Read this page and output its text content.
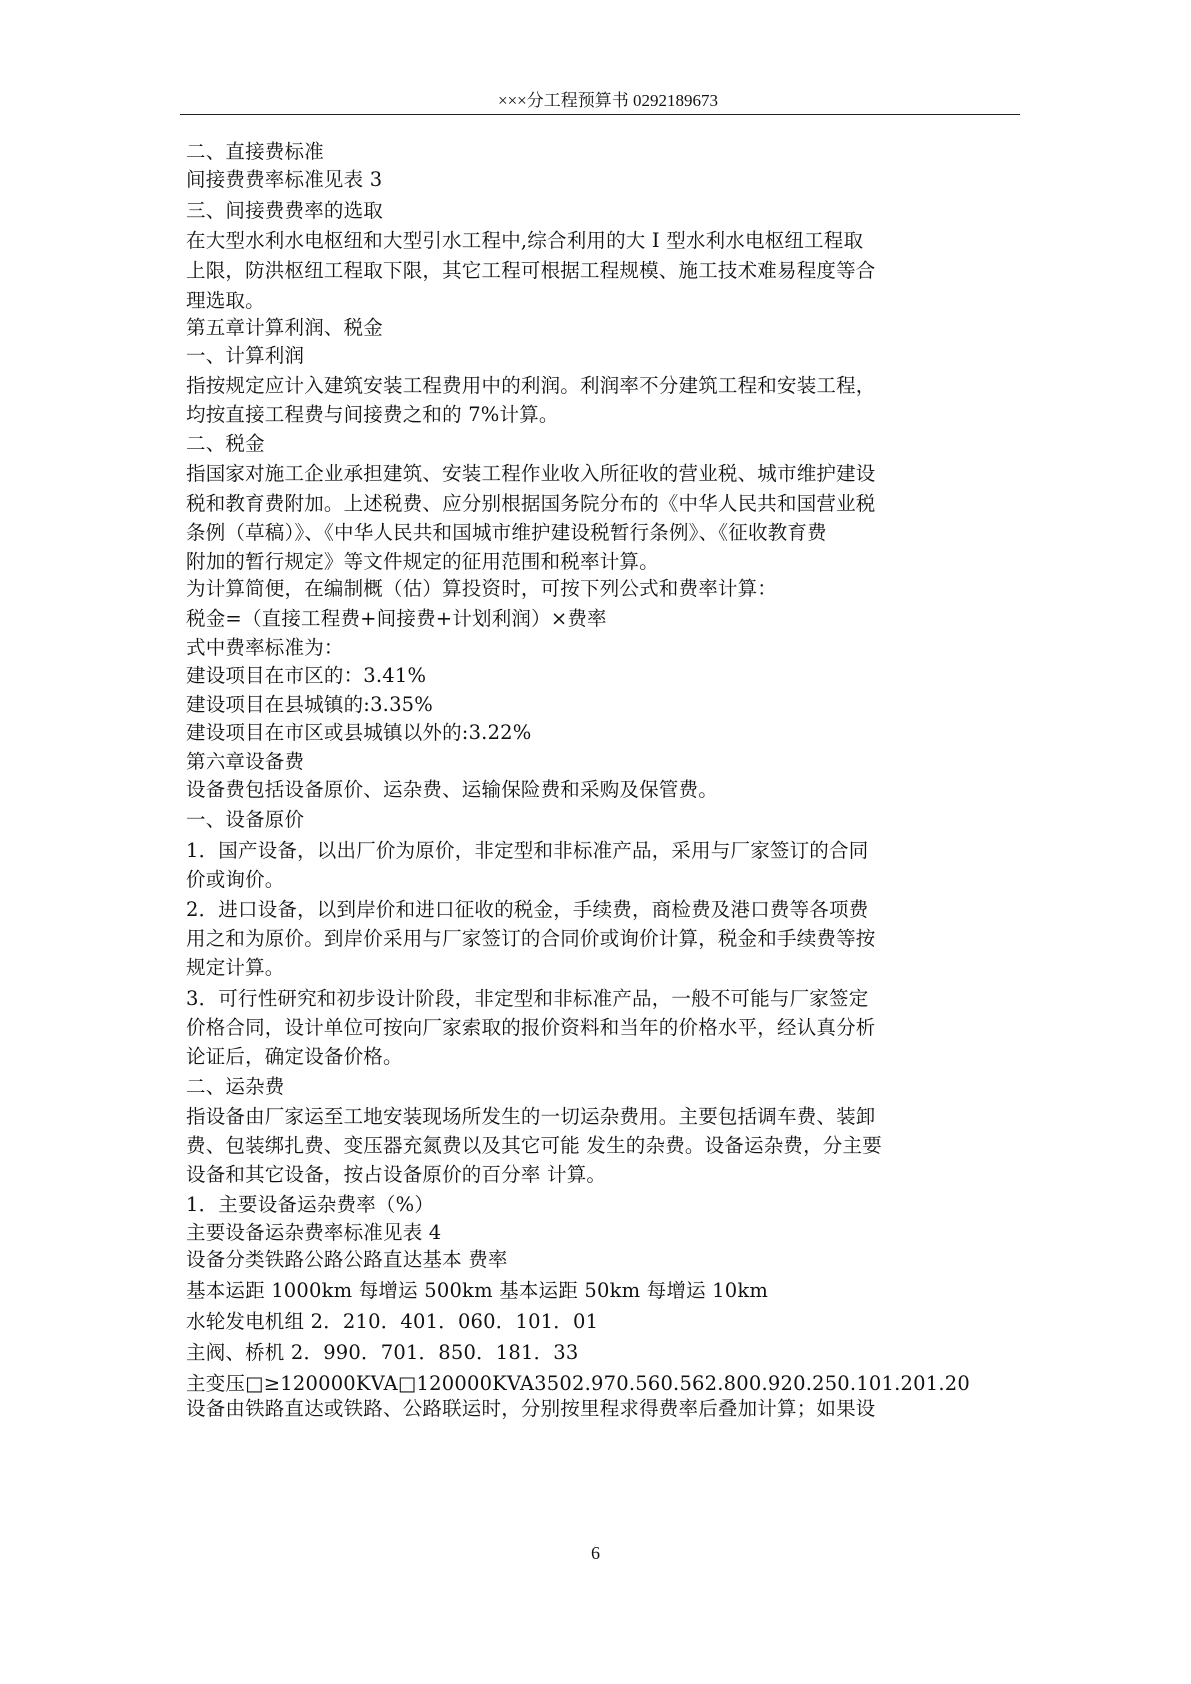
×××分工程预算书 0292189673
二、直接费标准
间接费费率标准见表 3
三、间接费费率的选取
在大型水利水电枢纽和大型引水工程中,综合利用的大 I 型水利水电枢纽工程取
上限，防洪枢纽工程取下限，其它工程可根据工程规模、施工技术难易程度等合
理选取。
第五章计算利润、税金
一、计算利润
指按规定应计入建筑安装工程费用中的利润。利润率不分建筑工程和安装工程，
均按直接工程费与间接费之和的 7%计算。
二、税金
指国家对施工企业承担建筑、安装工程作业收入所征收的营业税、城市维护建设
税和教育费附加。上述税费、应分别根据国务院分布的《中华人民共和国营业税
条例（草稿）》、《中华人民共和国城市维护建设税暂行条例》、《征收教育费
附加的暂行规定》等文件规定的征用范围和税率计算。
为计算简便，在编制概（估）算投资时，可按下列公式和费率计算：
税金=（直接工程费+间接费+计划利润）×费率
式中费率标准为：
建设项目在市区的：3.41%
建设项目在县城镇的:3.35%
建设项目在市区或县城镇以外的:3.22%
第六章设备费
设备费包括设备原价、运杂费、运输保险费和采购及保管费。
一、设备原价
1．国产设备，以出厂价为原价，非定型和非标准产品，采用与厂家签订的合同
价或询价。
2．进口设备，以到岸价和进口征收的税金，手续费，商检费及港口费等各项费
用之和为原价。到岸价采用与厂家签订的合同价或询价计算，税金和手续费等按
规定计算。
3．可行性研究和初步设计阶段，非定型和非标准产品，一般不可能与厂家签定
价格合同，设计单位可按向厂家索取的报价资料和当年的价格水平，经认真分析
论证后，确定设备价格。
二、运杂费
指设备由厂家运至工地安装现场所发生的一切运杂费用。主要包括调车费、装卸
费、包装绑扎费、变压器充氮费以及其它可能 发生的杂费。设备运杂费，分主要
设备和其它设备，按占设备原价的百分率 计算。
1．主要设备运杂费率（%）
主要设备运杂费率标准见表 4
设备分类铁路公路公路直达基本 费率
基本运距 1000km 每增运 500km 基本运距 50km 每增运 10km
水轮发电机组 2．210．401．060．101．01
主阀、桥机 2．990．701．850．181．33
主变压□≥120000KVA□120000KVA3502.970.560.562.800.920.250.101.201.20
设备由铁路直达或铁路、公路联运时，分别按里程求得费率后叠加计算；如果设
6
